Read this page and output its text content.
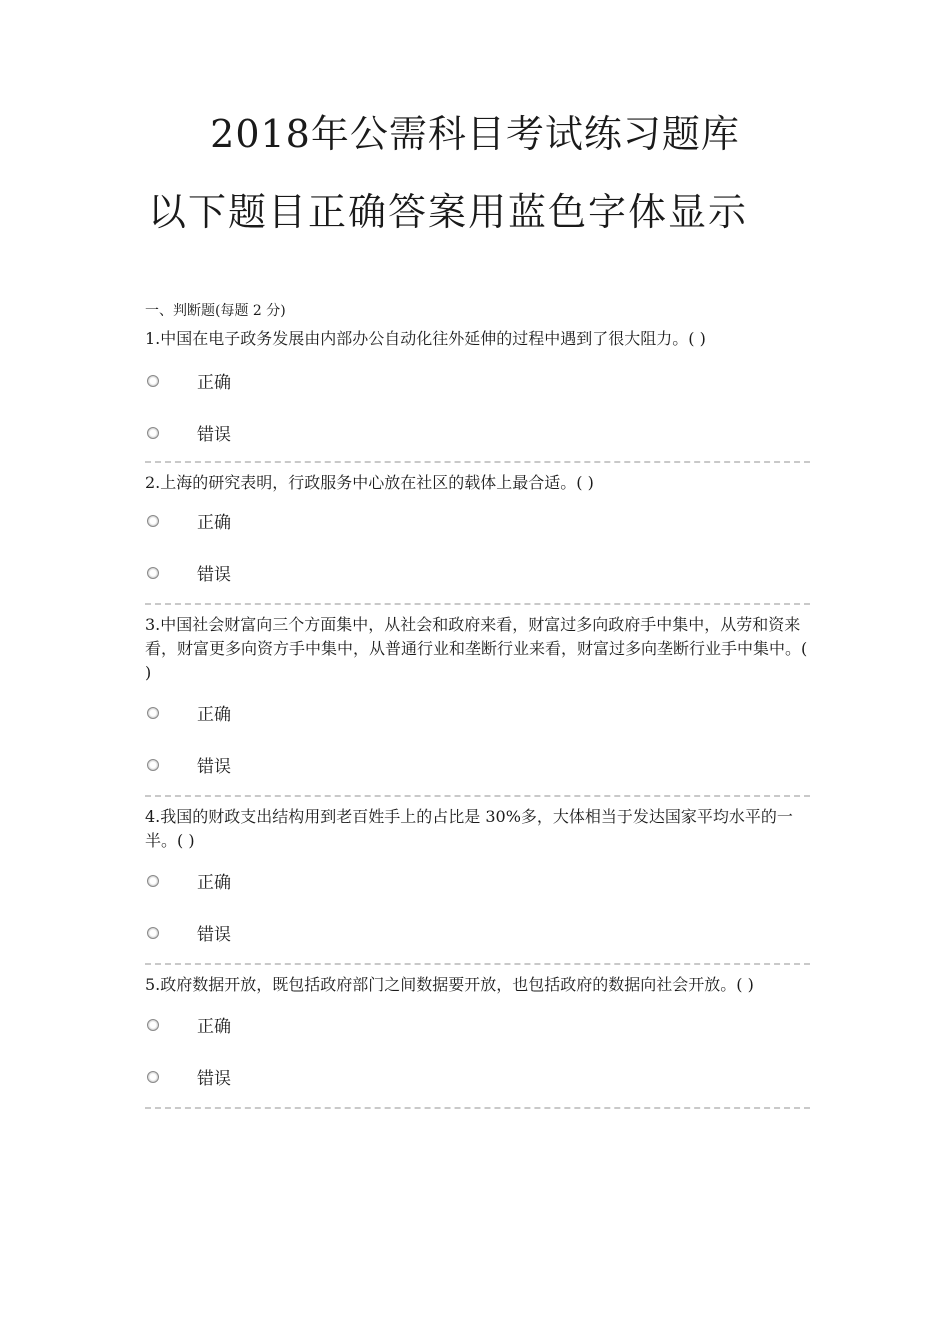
2018年公需科目考试练习题库
以下题目正确答案用蓝色字体显示
一、判断题(每题 2 分)

1.中国在电子政务发展由内部办公自动化往外延伸的过程中遇到了很大阻力。( )

正确
错误

2.上海的研究表明，行政服务中心放在社区的载体上最合适。( )

正确
错误

3.中国社会财富向三个方面集中，从社会和政府来看，财富过多向政府手中集中，从劳和资来看，财富更多向资方手中集中，从普通行业和垄断行业来看，财富过多向垄断行业手中集中。( )

正确
错误

4.我国的财政支出结构用到老百姓手上的占比是 30%多，大体相当于发达国家平均水平的一半。( )

正确
错误

5.政府数据开放，既包括政府部门之间数据要开放，也包括政府的数据向社会开放。( )

正确
错误
